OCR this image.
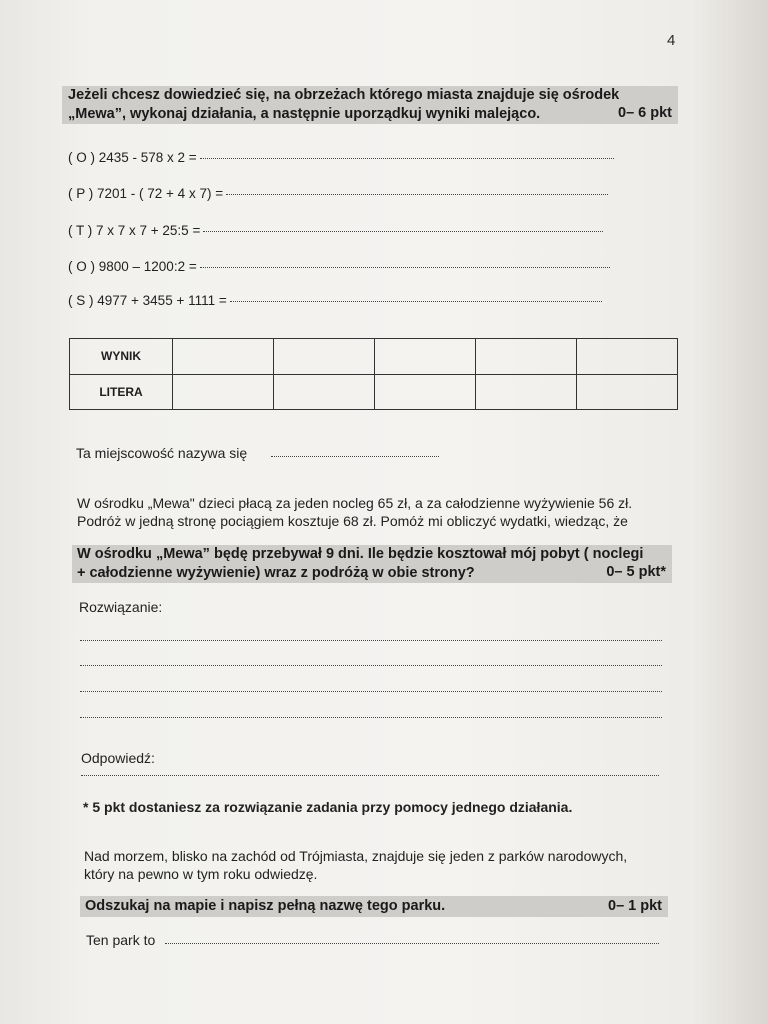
4
Jeżeli chcesz dowiedzieć się, na obrzeżach którego miasta znajduje się ośrodek
„Mewa”, wykonaj działania, a następnie uporządkuj wyniki malejąco.	0– 6 pkt
( O ) 2435 - 578 x 2 =
( P ) 7201 - ( 72 + 4 x 7) =
( T ) 7 x 7 x 7 + 25:5 =
( O ) 9800 – 1200:2 =
( S ) 4977 + 3455 + 1111 =
WYNIK					
LITERA					
Ta miejscowość nazywa się
W ośrodku „Mewa" dzieci płacą za jeden nocleg 65 zł, a za całodzienne wyżywienie 56 zł.
Podróż w jedną stronę pociągiem kosztuje 68 zł. Pomóż mi obliczyć wydatki, wiedząc, że
W ośrodku „Mewa” będę przebywał 9 dni. Ile będzie kosztował mój pobyt ( noclegi
+ całodzienne wyżywienie) wraz z podróżą w obie strony?	0– 5 pkt*
Rozwiązanie:
Odpowiedź:
* 5 pkt dostaniesz za rozwiązanie zadania przy pomocy jednego działania.
Nad morzem, blisko na zachód od Trójmiasta, znajduje się jeden z parków narodowych,
który na pewno w tym roku odwiedzę.
Odszukaj na mapie i napisz pełną nazwę tego parku.	0– 1 pkt
Ten park to
